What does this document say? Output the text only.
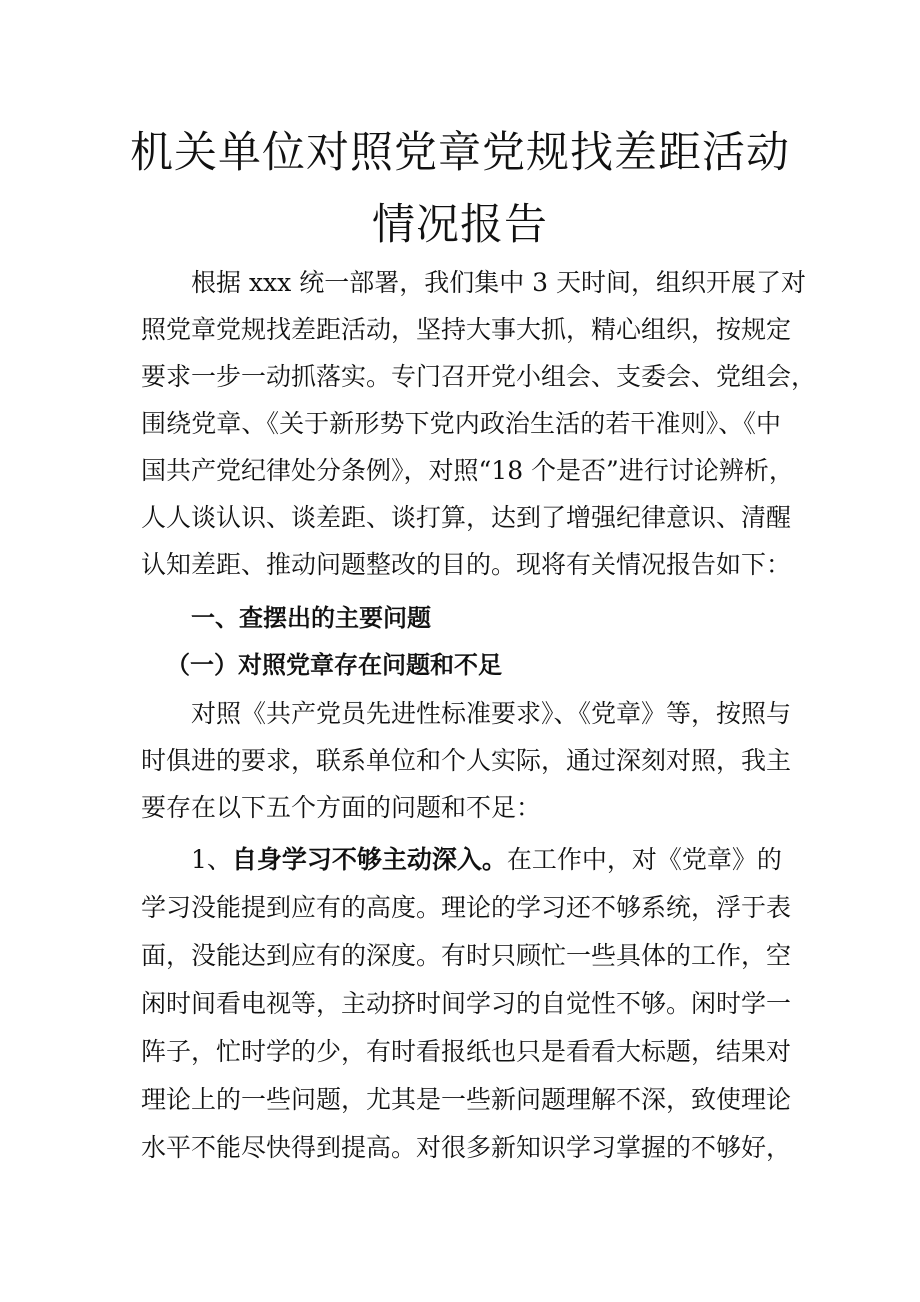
机关单位对照党章党规找差距活动
情况报告
根据 xxx 统一部署，我们集中 3 天时间，组织开展了对
照党章党规找差距活动，坚持大事大抓，精心组织，按规定
要求一步一动抓落实。专门召开党小组会、支委会、党组会，
围绕党章、《关于新形势下党内政治生活的若干准则》、《中
国共产党纪律处分条例》，对照“18 个是否”进行讨论辨析，
人人谈认识、谈差距、谈打算，达到了增强纪律意识、清醒
认知差距、推动问题整改的目的。现将有关情况报告如下：
一、查摆出的主要问题
（一）对照党章存在问题和不足
对照《共产党员先进性标准要求》、《党章》等，按照与
时俱进的要求，联系单位和个人实际，通过深刻对照，我主
要存在以下五个方面的问题和不足：
1、自身学习不够主动深入。在工作中，对《党章》的
学习没能提到应有的高度。理论的学习还不够系统，浮于表
面，没能达到应有的深度。有时只顾忙一些具体的工作，空
闲时间看电视等，主动挤时间学习的自觉性不够。闲时学一
阵子，忙时学的少，有时看报纸也只是看看大标题，结果对
理论上的一些问题，尤其是一些新问题理解不深，致使理论
水平不能尽快得到提高。对很多新知识学习掌握的不够好，
